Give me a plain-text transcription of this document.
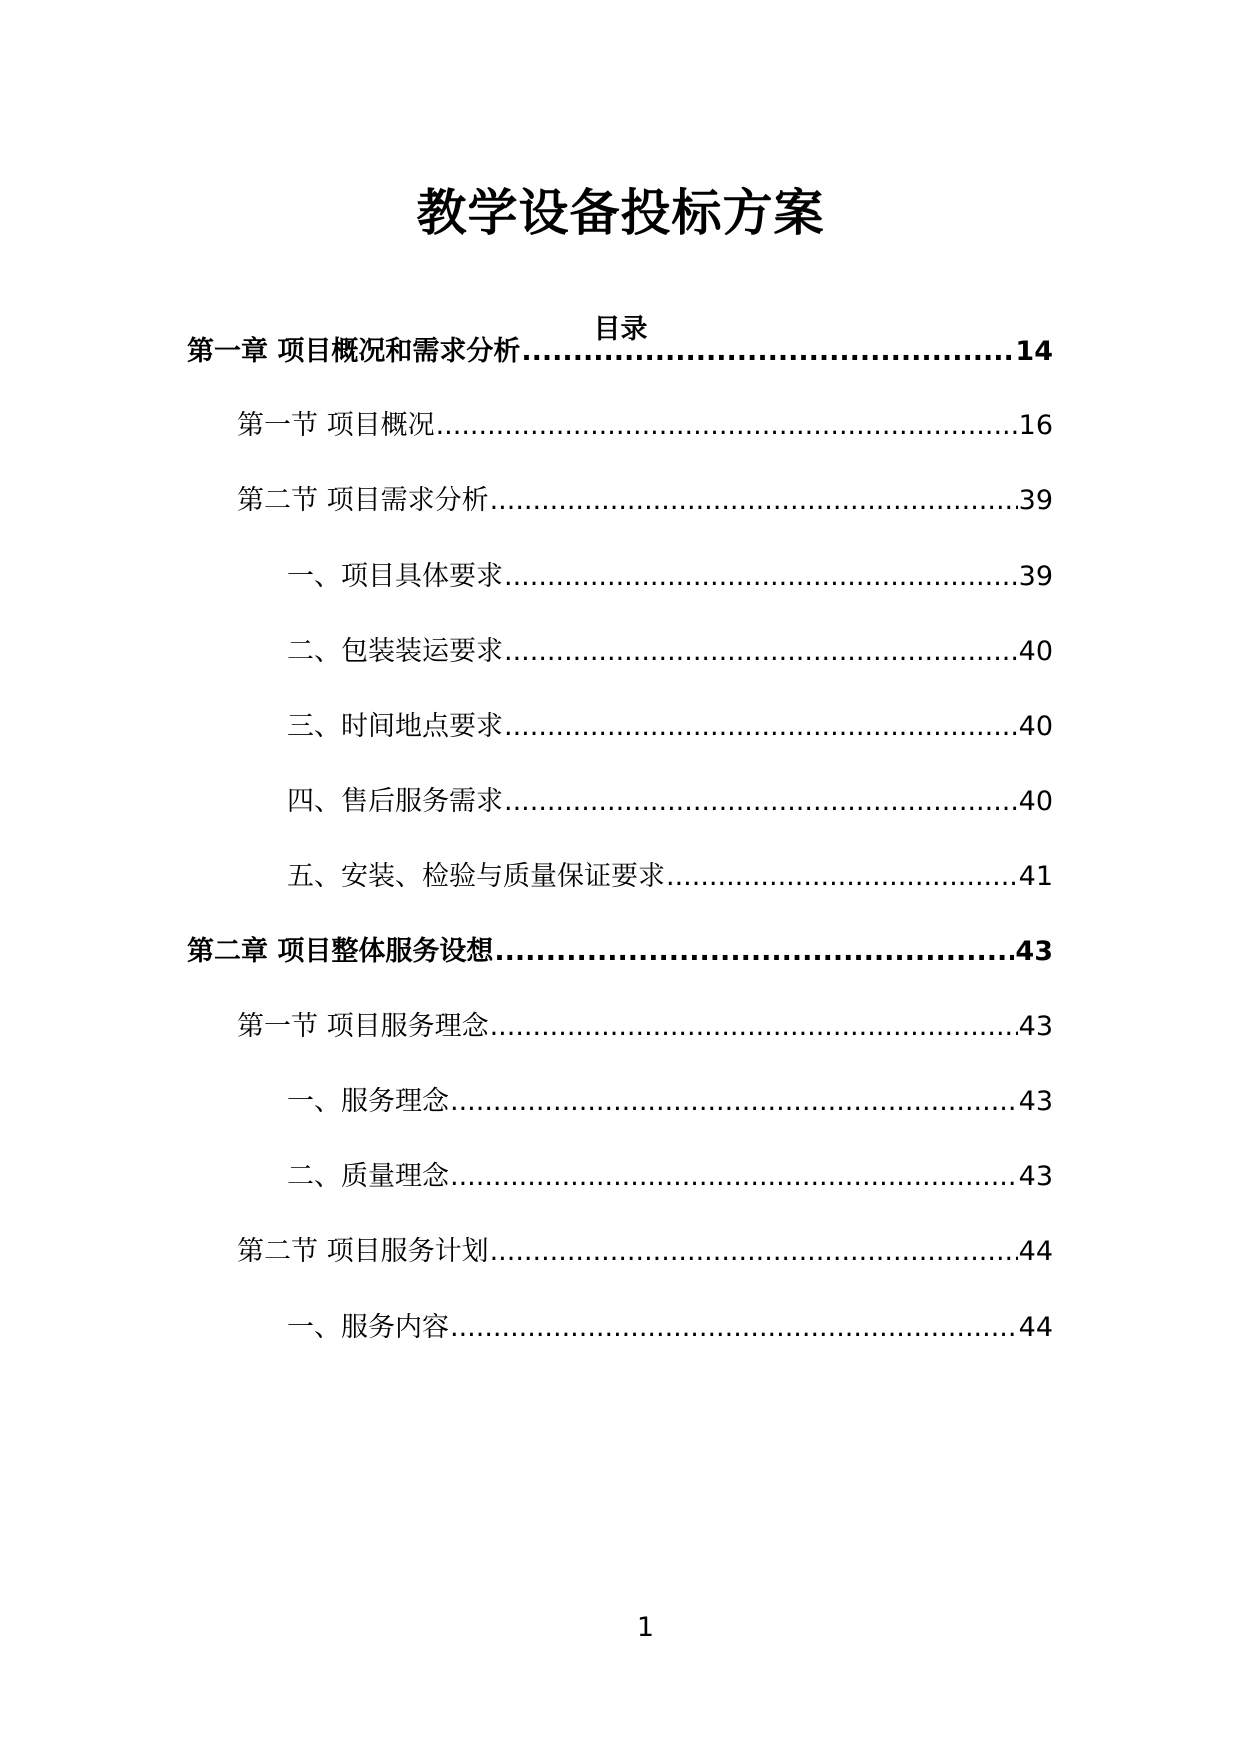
教学设备投标方案
目录
第一章 项目概况和需求分析 .....	14
第一节 项目概况 .....	16
第二节 项目需求分析 .....	39
一、项目具体要求 .....	39
二、包装装运要求 .....	40
三、时间地点要求 .....	40
四、售后服务需求 .....	40
五、安装、检验与质量保证要求 .....	41
第二章 项目整体服务设想 .....	43
第一节 项目服务理念 .....	43
一、服务理念 .....	43
二、质量理念 .....	43
第二节 项目服务计划 .....	44
一、服务内容 .....	44
1
